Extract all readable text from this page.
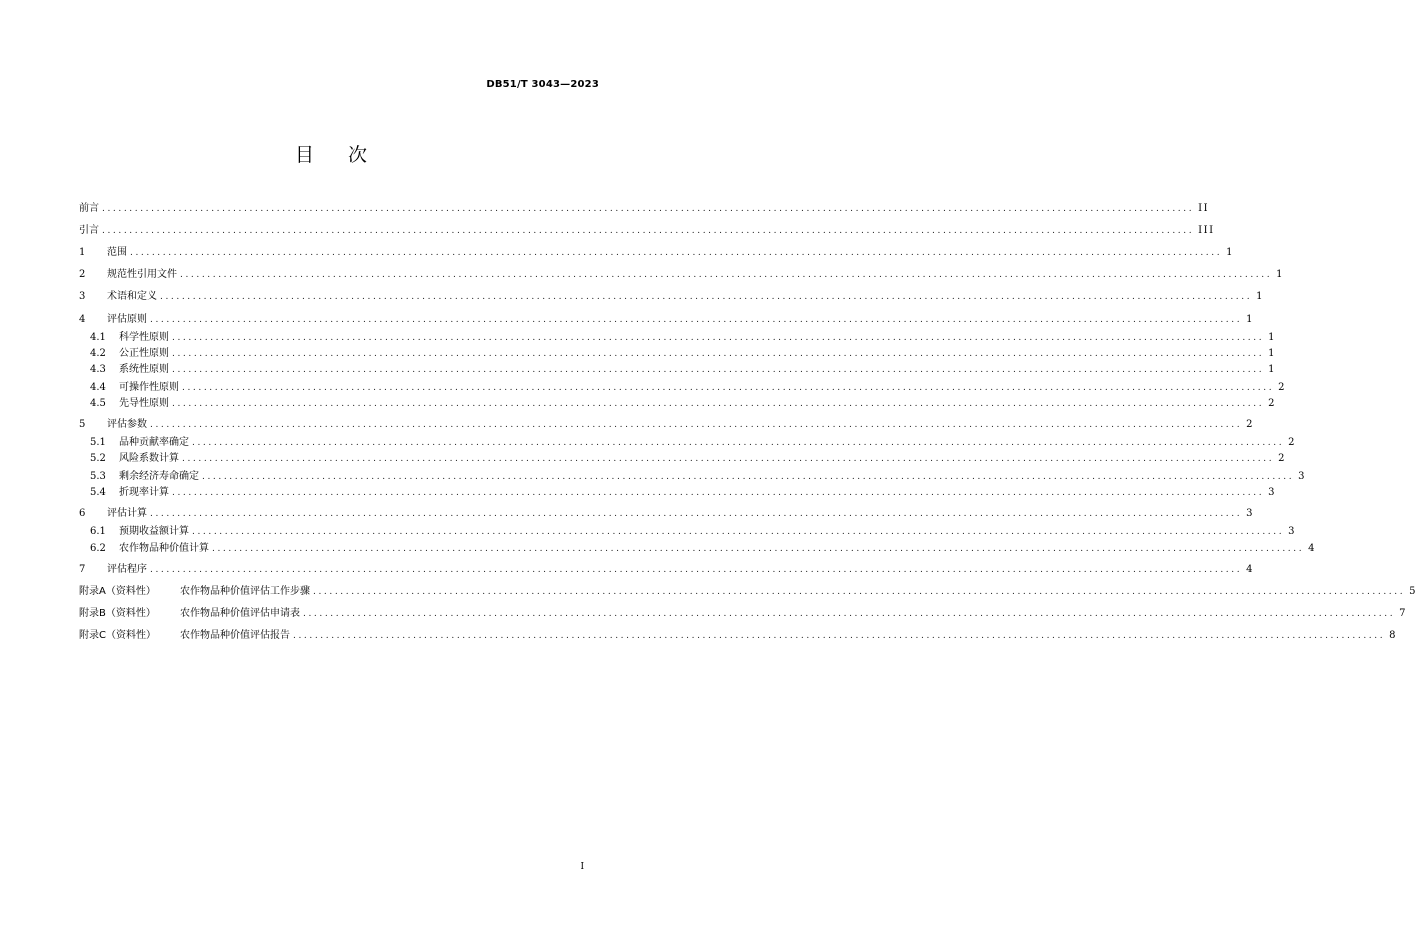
DB51/T 3043—2023
目次
前言 ........................................................................................................................................................................................................ II
引言 ........................................................................................................................................................................................................ III
1	范围 ........................................................................................................................................................................................................ 1
2	规范性引用文件 ........................................................................................................................................................................................................ 1
3	术语和定义 ........................................................................................................................................................................................................ 1
4	评估原则 ........................................................................................................................................................................................................ 1
4.1	科学性原则 ........................................................................................................................................................................................................ 1
4.2	公正性原则 ........................................................................................................................................................................................................ 1
4.3	系统性原则 ........................................................................................................................................................................................................ 1
4.4	可操作性原则 ........................................................................................................................................................................................................ 2
4.5	先导性原则 ........................................................................................................................................................................................................ 2
5	评估参数 ........................................................................................................................................................................................................ 2
5.1	品种贡献率确定 ........................................................................................................................................................................................................ 2
5.2	风险系数计算 ........................................................................................................................................................................................................ 2
5.3	剩余经济寿命确定 ........................................................................................................................................................................................................ 3
5.4	折现率计算 ........................................................................................................................................................................................................ 3
6	评估计算 ........................................................................................................................................................................................................ 3
6.1	预期收益额计算 ........................................................................................................................................................................................................ 3
6.2	农作物品种价值计算 ........................................................................................................................................................................................................ 4
7	评估程序 ........................................................................................................................................................................................................ 4
附录A（资料性）	农作物品种价值评估工作步骤 ........................................................................................................................................................................................................ 5
附录B（资料性）	农作物品种价值评估申请表 ........................................................................................................................................................................................................ 7
附录C（资料性）	农作物品种价值评估报告 ........................................................................................................................................................................................................ 8
I
